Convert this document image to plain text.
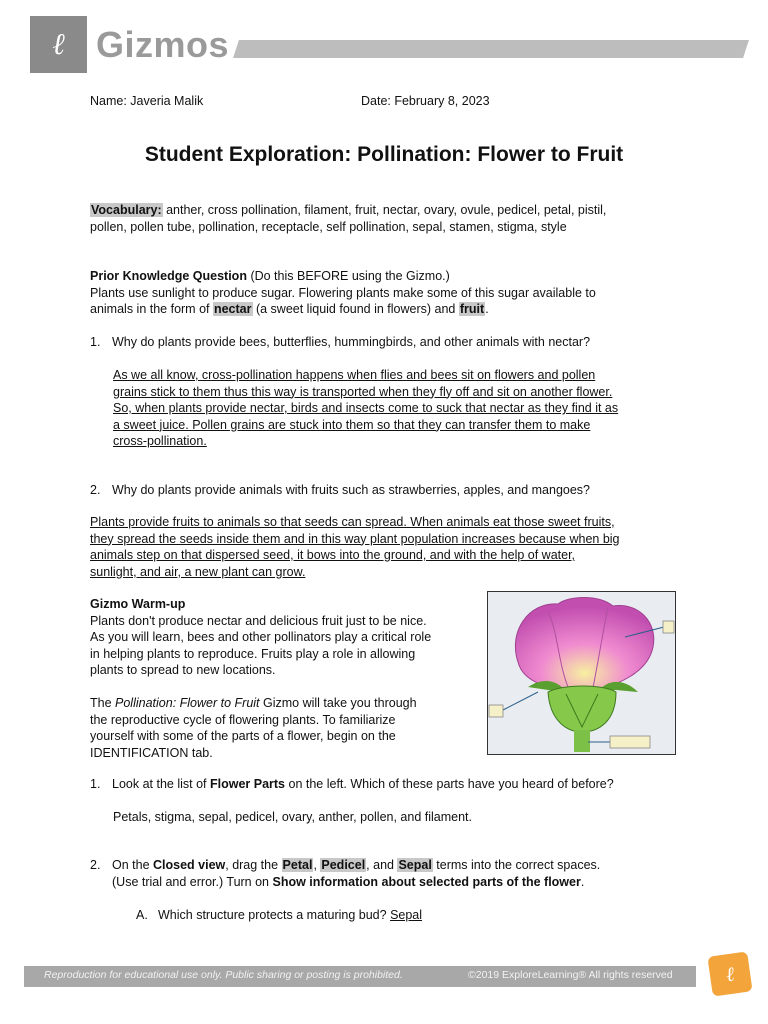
ℓ Gizmos
Name: Javeria Malik	Date: February 8, 2023
Student Exploration: Pollination: Flower to Fruit
Vocabulary: anther, cross pollination, filament, fruit, nectar, ovary, ovule, pedicel, petal, pistil,
pollen, pollen tube, pollination, receptacle, self pollination, sepal, stamen, stigma, style
Prior Knowledge Question (Do this BEFORE using the Gizmo.)
Plants use sunlight to produce sugar. Flowering plants make some of this sugar available to
animals in the form of nectar (a sweet liquid found in flowers) and fruit.
1. Why do plants provide bees, butterflies, hummingbirds, and other animals with nectar?
As we all know, cross-pollination happens when flies and bees sit on flowers and pollen
grains stick to them thus this way is transported when they fly off and sit on another flower.
So, when plants provide nectar, birds and insects come to suck that nectar as they find it as
a sweet juice. Pollen grains are stuck into them so that they can transfer them to make
cross-pollination.
2. Why do plants provide animals with fruits such as strawberries, apples, and mangoes?
Plants provide fruits to animals so that seeds can spread. When animals eat those sweet fruits,
they spread the seeds inside them and in this way plant population increases because when big
animals step on that dispersed seed, it bows into the ground, and with the help of water,
sunlight, and air, a new plant can grow.
Gizmo Warm-up
Plants don't produce nectar and delicious fruit just to be nice.
As you will learn, bees and other pollinators play a critical role
in helping plants to reproduce. Fruits play a role in allowing
plants to spread to new locations.
The Pollination: Flower to Fruit Gizmo will take you through
the reproductive cycle of flowering plants. To familiarize
yourself with some of the parts of a flower, begin on the
IDENTIFICATION tab.
1. Look at the list of Flower Parts on the left. Which of these parts have you heard of before?
Petals, stigma, sepal, pedicel, ovary, anther, pollen, and filament.
2. On the Closed view, drag the Petal, Pedicel, and Sepal terms into the correct spaces.
(Use trial and error.) Turn on Show information about selected parts of the flower.
A. Which structure protects a maturing bud? Sepal
Reproduction for educational use only. Public sharing or posting is prohibited.	©2019 ExploreLearning® All rights reserved	ℓ
